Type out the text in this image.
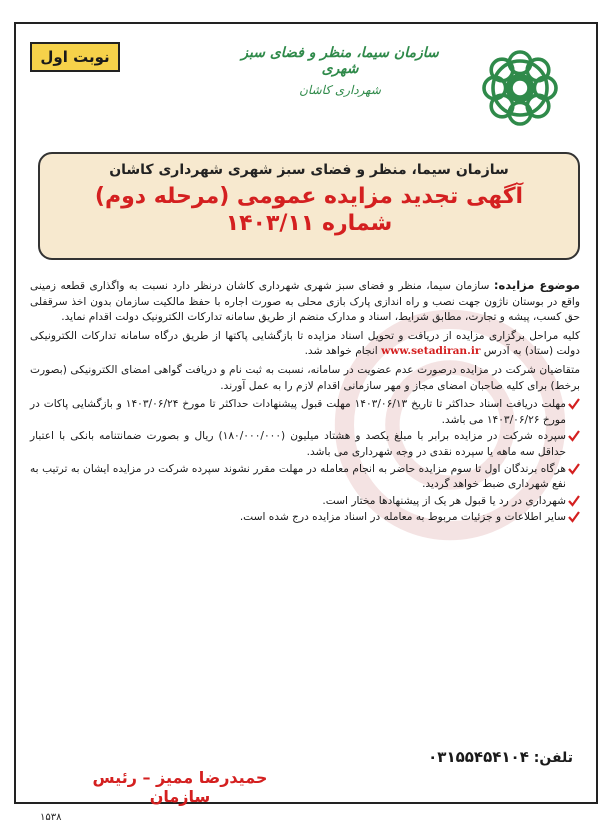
نوبت اول	سازمان سیما، منظر و فضای سبز شهری
شهرداری کاشان
سازمان سیما، منظر و فضای سبز شهری شهرداری کاشان
آگهی تجدید مزایده عمومی (مرحله دوم)
شماره ۱۴۰۳/۱۱

موضوع مزایده: سازمان سیما، منظر و فضای سبز شهری شهرداری کاشان درنظر دارد نسبت به واگذاری قطعه زمینی واقع در بوستان ناژون جهت نصب و راه اندازی پارک بازی محلی به صورت اجاره با حفظ مالکیت سازمان بدون اخذ سرقفلی حق کسب، پیشه و تجارت، مطابق شرایط، اسناد و مدارک منضم از طریق سامانه تدارکات الکترونیک دولت اقدام نماید.

کلیه مراحل برگزاری مزایده از دریافت و تحویل اسناد مزایده تا بازگشایی پاکتها از طریق درگاه سامانه تدارکات الکترونیکی دولت (ستاد) به آدرس www.setadiran.ir انجام خواهد شد.

متقاضیان شرکت در مزایده درصورت عدم عضویت در سامانه، نسبت به ثبت نام و دریافت گواهی امضای الکترونیکی (بصورت برخط) برای کلیه صاحبان امضای مجاز و مهر سازمانی اقدام لازم را به عمل آورند.

مهلت دریافت اسناد حداکثر تا تاریخ ۱۴۰۳/۰۶/۱۳ مهلت قبول پیشنهادات حداکثر تا مورخ ۱۴۰۳/۰۶/۲۴ و بازگشایی پاکات در مورخ ۱۴۰۳/۰۶/۲۶ می باشد.
سپرده شرکت در مزایده برابر با مبلغ یکصد و هشتاد میلیون (۱۸۰/۰۰۰/۰۰۰) ریال و بصورت ضمانتنامه بانکی با اعتبار حداقل سه ماهه یا سپرده نقدی در وجه شهرداری می باشد.
هرگاه برندگان اول تا سوم مزایده حاضر به انجام معامله در مهلت مقرر نشوند سپرده شرکت در مزایده ایشان به ترتیب به نفع شهرداری ضبط خواهد گردید.
شهرداری در رد یا قبول هر یک از پیشنهادها مختار است.
سایر اطلاعات و جزئیات مربوط به معامله در اسناد مزایده درج شده است.
تلفن: ۰۳۱۵۵۴۵۴۱۰۴
حمیدرضا ممیز – رئیس سازمان
۱۵۳۸
